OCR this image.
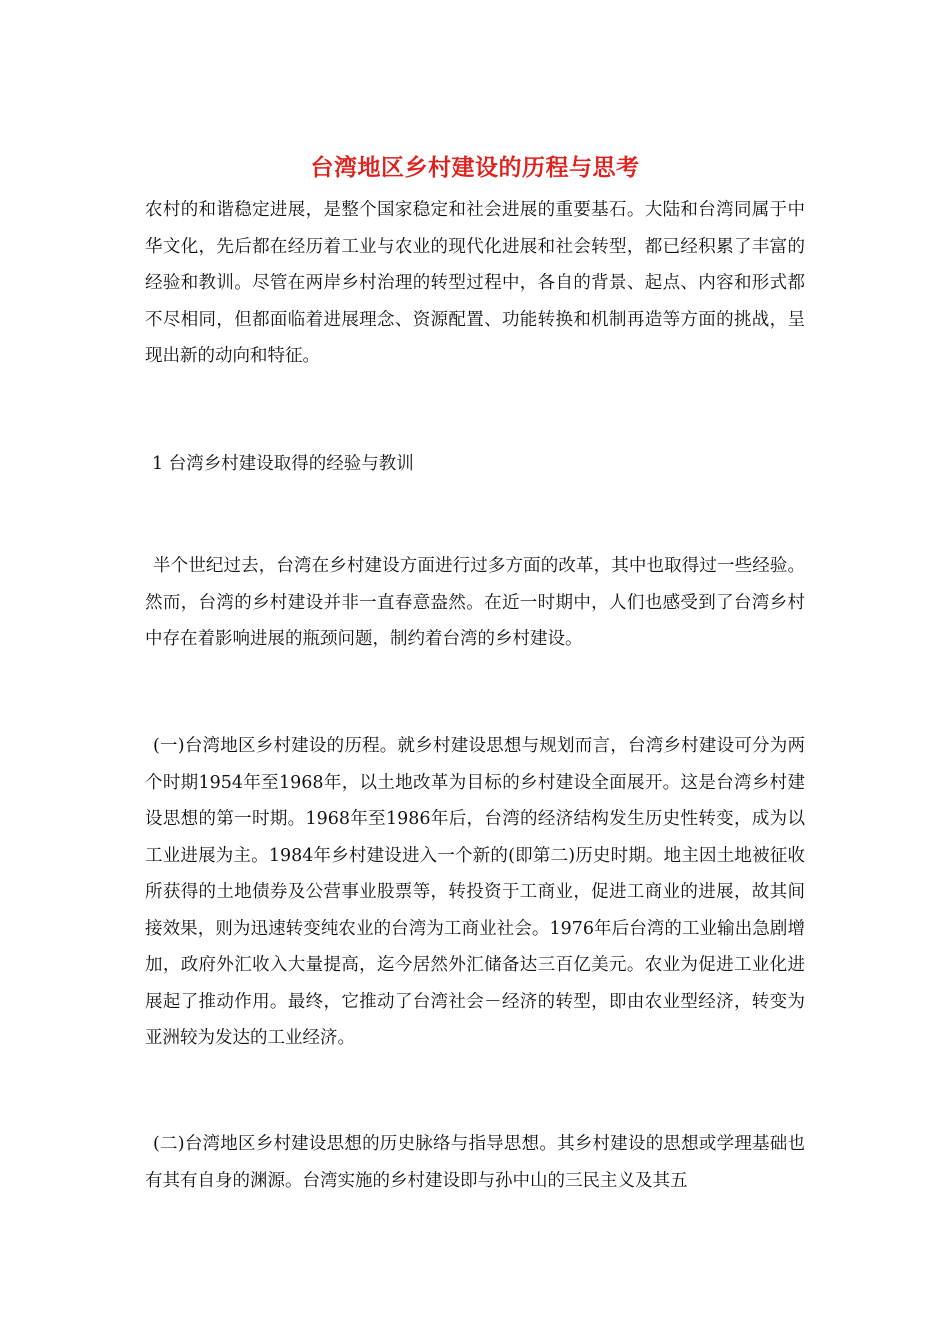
台湾地区乡村建设的历程与思考

农村的和谐稳定进展，是整个国家稳定和社会进展的重要基石。大陆和台湾同属于中华文化，先后都在经历着工业与农业的现代化进展和社会转型，都已经积累了丰富的经验和教训。尽管在两岸乡村治理的转型过程中，各自的背景、起点、内容和形式都不尽相同，但都面临着进展理念、资源配置、功能转换和机制再造等方面的挑战，呈现出新的动向和特征。

1 台湾乡村建设取得的经验与教训

半个世纪过去，台湾在乡村建设方面进行过多方面的改革，其中也取得过一些经验。然而，台湾的乡村建设并非一直春意盎然。在近一时期中，人们也感受到了台湾乡村中存在着影响进展的瓶颈问题，制约着台湾的乡村建设。

(一)台湾地区乡村建设的历程。就乡村建设思想与规划而言，台湾乡村建设可分为两个时期1954年至1968年，以土地改革为目标的乡村建设全面展开。这是台湾乡村建设思想的第一时期。1968年至1986年后，台湾的经济结构发生历史性转变，成为以工业进展为主。1984年乡村建设进入一个新的(即第二)历史时期。地主因土地被征收所获得的土地债券及公营事业股票等，转投资于工商业，促进工商业的进展，故其间接效果，则为迅速转变纯农业的台湾为工商业社会。1976年后台湾的工业输出急剧增加，政府外汇收入大量提高，迄今居然外汇储备达三百亿美元。农业为促进工业化进展起了推动作用。最终，它推动了台湾社会－经济的转型，即由农业型经济，转变为亚洲较为发达的工业经济。

(二)台湾地区乡村建设思想的历史脉络与指导思想。其乡村建设的思想或学理基础也有其有自身的渊源。台湾实施的乡村建设即与孙中山的三民主义及其五
